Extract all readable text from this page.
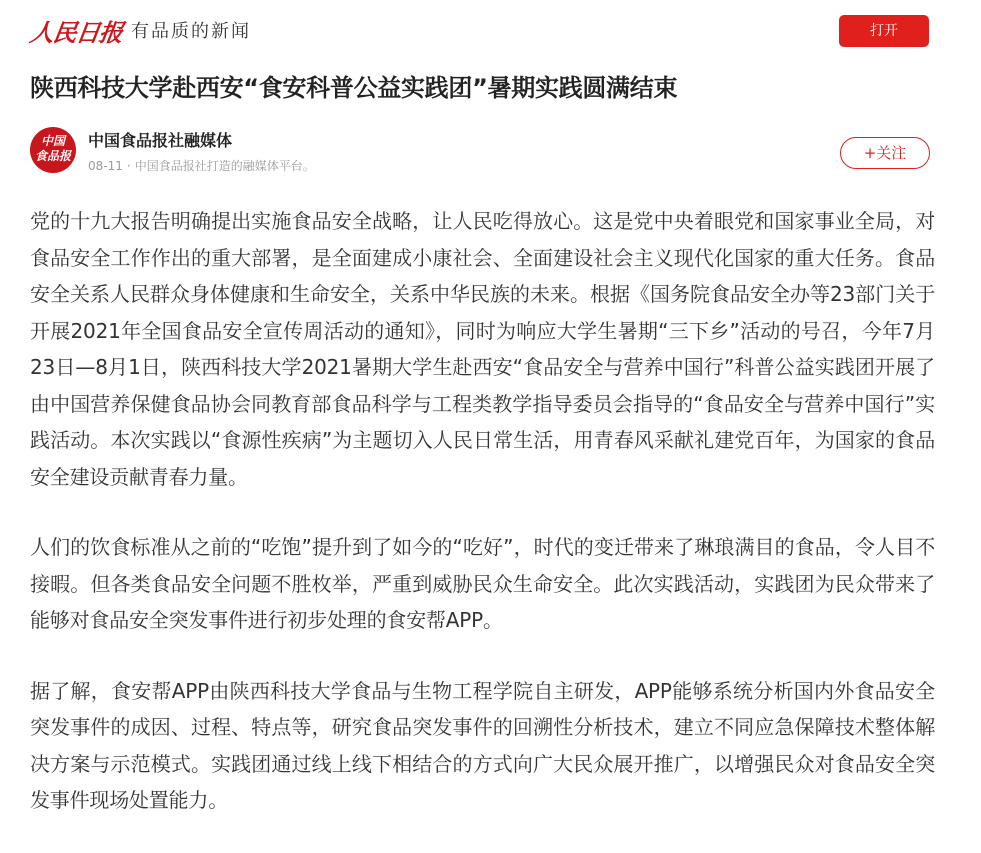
人民日报 有品质的新闻	打开
陕西科技大学赴西安“食安科普公益实践团”暑期实践圆满结束
中国
食品报
中国食品报社融媒体
08-11 · 中国食品报社打造的融媒体平台。
+关注

党的十九大报告明确提出实施食品安全战略，让人民吃得放心。这是党中央着眼党和国家事业全局，对食品安全工作作出的重大部署，是全面建成小康社会、全面建设社会主义现代化国家的重大任务。食品安全关系人民群众身体健康和生命安全，关系中华民族的未来。根据《国务院食品安全办等23部门关于开展2021年全国食品安全宣传周活动的通知》，同时为响应大学生暑期“三下乡”活动的号召，今年7月23日—8月1日，陕西科技大学2021暑期大学生赴西安“食品安全与营养中国行”科普公益实践团开展了由中国营养保健食品协会同教育部食品科学与工程类教学指导委员会指导的“食品安全与营养中国行”实践活动。本次实践以“食源性疾病”为主题切入人民日常生活，用青春风采献礼建党百年，为国家的食品安全建设贡献青春力量。

人们的饮食标准从之前的“吃饱”提升到了如今的“吃好”，时代的变迁带来了琳琅满目的食品，令人目不接暇。但各类食品安全问题不胜枚举，严重到威胁民众生命安全。此次实践活动，实践团为民众带来了能够对食品安全突发事件进行初步处理的食安帮APP。

据了解，食安帮APP由陕西科技大学食品与生物工程学院自主研发，APP能够系统分析国内外食品安全突发事件的成因、过程、特点等，研究食品突发事件的回溯性分析技术，建立不同应急保障技术整体解决方案与示范模式。实践团通过线上线下相结合的方式向广大民众展开推广，以增强民众对食品安全突发事件现场处置能力。
